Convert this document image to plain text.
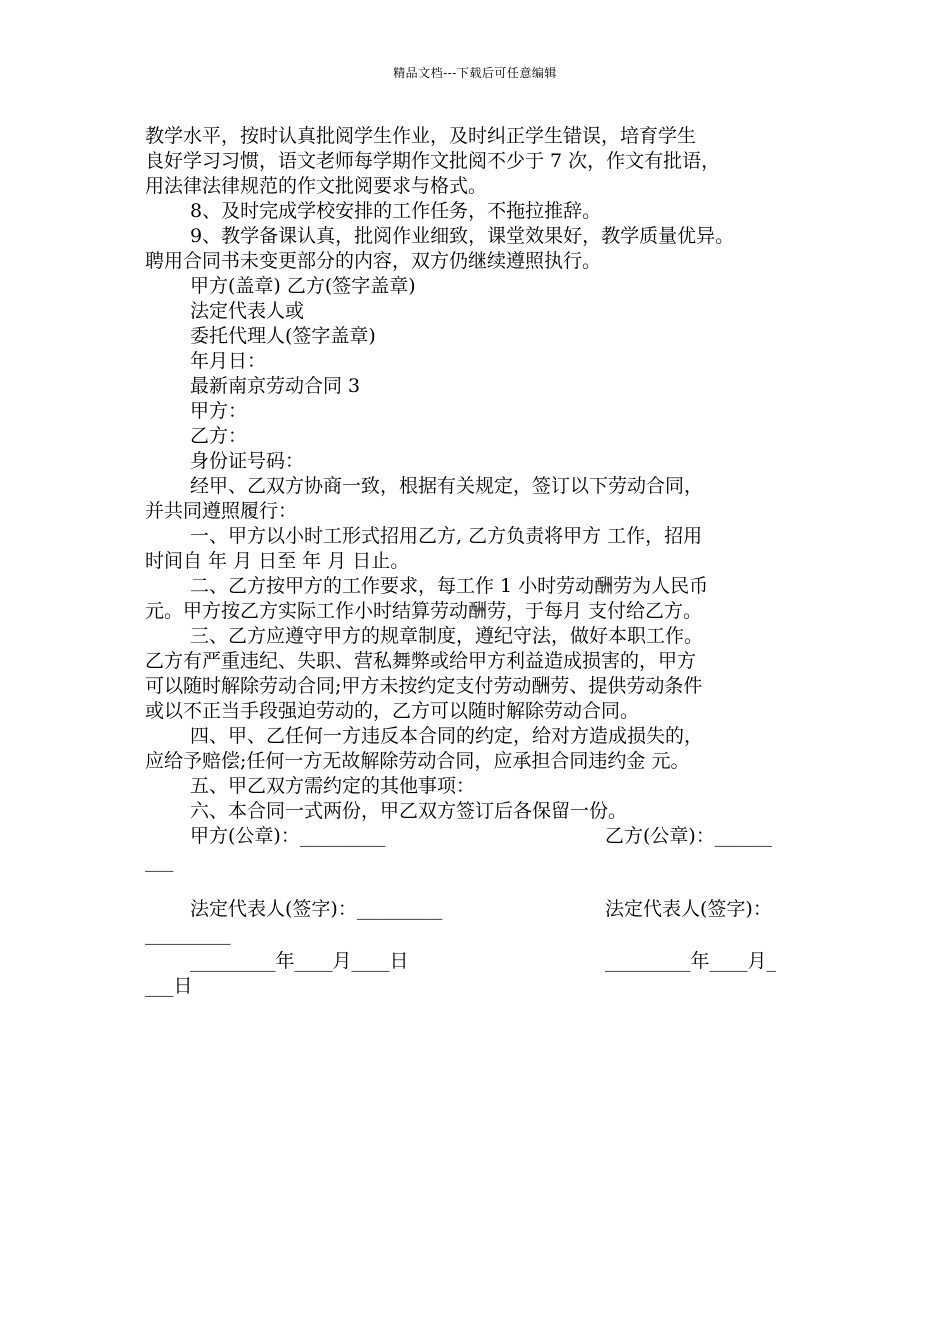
精品文档---下载后可任意编辑
教学水平，按时认真批阅学生作业，及时纠正学生错误，培育学生
良好学习习惯，语文老师每学期作文批阅不少于 7 次，作文有批语，
用法律法律规范的作文批阅要求与格式。
8、及时完成学校安排的工作任务，不拖拉推辞。
9、教学备课认真，批阅作业细致，课堂效果好，教学质量优异。
聘用合同书未变更部分的内容，双方仍继续遵照执行。
甲方(盖章) 乙方(签字盖章)
法定代表人或
委托代理人(签字盖章)
年月日：
最新南京劳动合同 3
甲方：
乙方：
身份证号码：
经甲、乙双方协商一致，根据有关规定，签订以下劳动合同，
并共同遵照履行：
一、甲方以小时工形式招用乙方, 乙方负责将甲方 工作，招用
时间自 年 月 日至 年 月 日止。
二、乙方按甲方的工作要求，每工作 1 小时劳动酬劳为人民币
元。甲方按乙方实际工作小时结算劳动酬劳，于每月 支付给乙方。
三、乙方应遵守甲方的规章制度，遵纪守法，做好本职工作。
乙方有严重违纪、失职、营私舞弊或给甲方利益造成损害的，甲方
可以随时解除劳动合同;甲方未按约定支付劳动酬劳、提供劳动条件
或以不正当手段强迫劳动的，乙方可以随时解除劳动合同。
四、甲、乙任何一方违反本合同的约定，给对方造成损失的，
应给予赔偿;任何一方无故解除劳动合同，应承担合同违约金 元。
五、甲乙双方需约定的其他事项：
六、本合同一式两份，甲乙双方签订后各保留一份。
甲方(公章)：_________	乙方(公章)：______
___
法定代表人(签字)：_________	法定代表人(签字)：
_________
_________年____月____日	_________年____月_
___日
